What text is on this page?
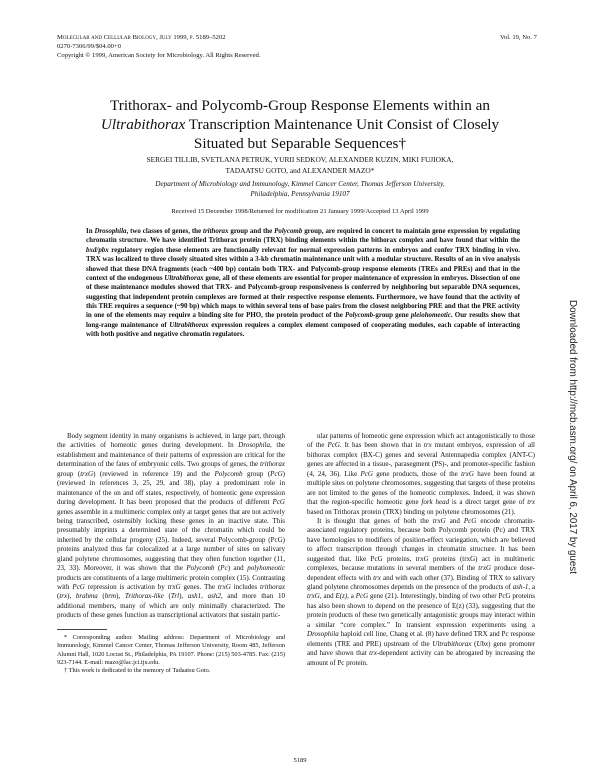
Molecular and Cellular Biology, July 1999, p. 5189–5202
0270-7306/99/$04.00+0
Copyright © 1999, American Society for Microbiology. All Rights Reserved.
Vol. 19, No. 7
Trithorax- and Polycomb-Group Response Elements within an
Ultrabithorax Transcription Maintenance Unit Consist of Closely
Situated but Separable Sequences†
SERGEI TILLIB, SVETLANA PETRUK, YURII SEDKOV, ALEXANDER KUZIN, MIKI FUJIOKA,
TADAATSU GOTO, and ALEXANDER MAZO*
Department of Microbiology and Immunology, Kimmel Cancer Center, Thomas Jefferson University,
Philadelphia, Pennsylvania 19107
Received 15 December 1998/Returned for modification 21 January 1999/Accepted 13 April 1999
In Drosophila, two classes of genes, the trithorax group and the Polycomb group, are required in concert to maintain gene expression by regulating chromatin structure. We have identified Trithorax protein (TRX) binding elements within the bithorax complex and have found that within the bxd/pbx regulatory region these elements are functionally relevant for normal expression patterns in embryos and confer TRX binding in vivo. TRX was localized to three closely situated sites within a 3-kb chromatin maintenance unit with a modular structure. Results of an in vivo analysis showed that these DNA fragments (each ~400 bp) contain both TRX- and Polycomb-group response elements (TREs and PREs) and that in the context of the endogenous Ultrabithorax gene, all of these elements are essential for proper maintenance of expression in embryos. Dissection of one of these maintenance modules showed that TRX- and Polycomb-group responsiveness is conferred by neighboring but separable DNA sequences, suggesting that independent protein complexes are formed at their respective response elements. Furthermore, we have found that the activity of this TRE requires a sequence (~90 bp) which maps to within several tens of base pairs from the closest neighboring PRE and that the PRE activity in one of the elements may require a binding site for PHO, the protein product of the Polycomb-group gene pleiohomeotic. Our results show that long-range maintenance of Ultrabithorax expression requires a complex element composed of cooperating modules, each capable of interacting with both positive and negative chromatin regulators.

Body segment identity in many organisms is achieved, in large part, through the activities of homeotic genes during development. In Drosophila, the establishment and maintenance of their patterns of expression are critical for the determination of the fates of embryonic cells. Two groups of genes, the trithorax group (trxG) (reviewed in reference 19) and the Polycomb group (PcG) (reviewed in references 3, 25, 29, and 38), play a predominant role in maintenance of the on and off states, respectively, of homeotic gene expression during development. It has been proposed that the products of different PcG genes assemble in a multimeric complex only at target genes that are not actively being transcribed, ostensibly locking these genes in an inactive state. This presumably imprints a determined state of the chromatin which could be inherited by the cellular progeny (25). Indeed, several Polycomb-group (PcG) proteins analyzed thus far colocalized at a large number of sites on salivary gland polytene chromosomes, suggesting that they often function together (11, 23, 33). Moreover, it was shown that the Polycomb (Pc) and polyhomeotic products are constituents of a large multimeric protein complex (15). Contrasting with PcG repression is activation by trxG genes. The trxG includes trithorax (trx), brahma (brm), Trithorax-like (Trl), ash1, ash2, and more than 10 additional members, many of which are only minimally characterized. The products of these genes function as transcriptional activators that sustain partic-

ular patterns of homeotic gene expression which act antagonistically to those of the PcG. It has been shown that in trx mutant embryos, expression of all bithorax complex (BX-C) genes and several Antennapedia complex (ANT-C) genes are affected in a tissue-, parasegment (PS)-, and promoter-specific fashion (4, 24, 36). Like PcG gene products, those of the trxG have been found at multiple sites on polytene chromosomes, suggesting that targets of these proteins are not limited to the genes of the homeotic complexes. Indeed, it was shown that the region-specific homeotic gene fork head is a direct target gene of trx based on Trithorax protein (TRX) binding on polytene chromosomes (21).

It is thought that genes of both the trxG and PcG encode chromatin-associated regulatory proteins, because both Polycomb protein (Pc) and TRX have homologies to modifiers of position-effect variegation, which are believed to affect transcription through changes in chromatin structure. It has been suggested that, like PcG proteins, trxG proteins (trxG) act in multimeric complexes, because mutations in several members of the trxG produce dose-dependent effects with trx and with each other (37). Binding of TRX to salivary gland polytene chromosomes depends on the presence of the products of ash-1, a trxG, and E(z), a PcG gene (21). Interestingly, binding of two other PcG proteins has also been shown to depend on the presence of E(z) (33), suggesting that the protein products of these two genetically antagonistic groups may interact within a similar “core complex.” In transient expression experiments using a Drosophila haploid cell line, Chang et al. (8) have defined TRX and Pc response elements (TRE and PRE) upstream of the Ultrabithorax (Ubx) gene promoter and have shown that trx-dependent activity can be abrogated by increasing the amount of Pc protein.

* Corresponding author. Mailing address: Department of Microbiology and Immunology, Kimmel Cancer Center, Thomas Jefferson University, Room 485, Jefferson Alumni Hall, 1020 Locust St., Philadelphia, PA 19107. Phone: (215) 503-4785. Fax: (215) 923-7144. E-mail: mazo@lac.jci.tju.edu.

† This work is dedicated to the memory of Tadaatsu Goto.

5189
Downloaded from http://mcb.asm.org/ on April 6, 2017 by guest
